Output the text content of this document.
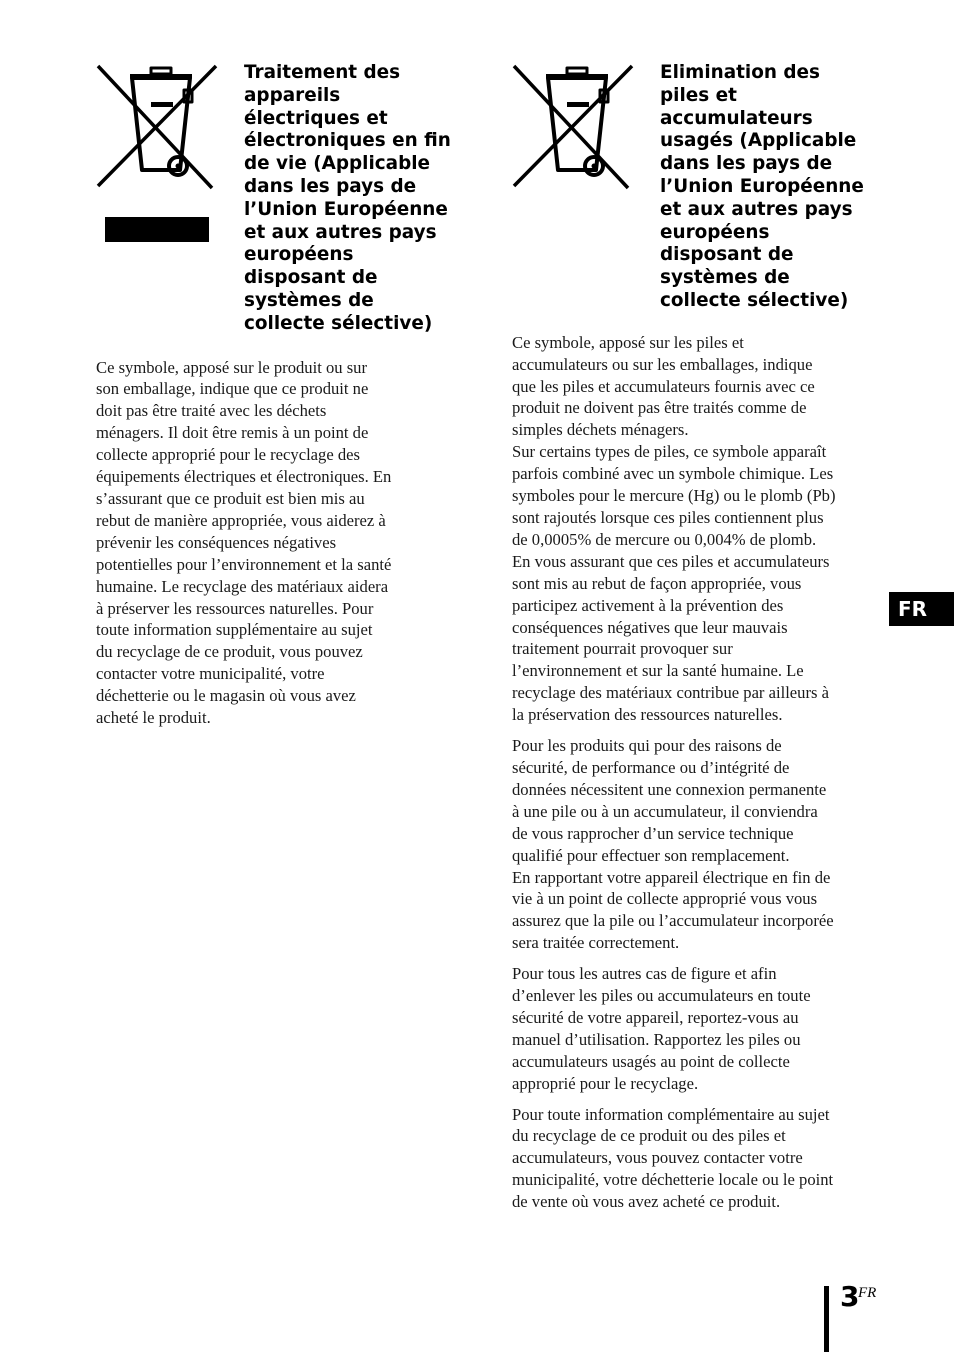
Traitement des
appareils
électriques et
électroniques en fin
de vie (Applicable
dans les pays de
l’Union Européenne
et aux autres pays
européens
disposant de
systèmes de
collecte sélective)

Ce symbole, apposé sur le produit ou sur
son emballage, indique que ce produit ne
doit pas être traité avec les déchets
ménagers. Il doit être remis à un point de
collecte approprié pour le recyclage des
équipements électriques et électroniques. En
s’assurant que ce produit est bien mis au
rebut de manière appropriée, vous aiderez à
prévenir les conséquences négatives
potentielles pour l’environnement et la santé
humaine. Le recyclage des matériaux aidera
à préserver les ressources naturelles. Pour
toute information supplémentaire au sujet
du recyclage de ce produit, vous pouvez
contacter votre municipalité, votre
déchetterie ou le magasin où vous avez
acheté le produit.

Elimination des
piles et
accumulateurs
usagés (Applicable
dans les pays de
l’Union Européenne
et aux autres pays
européens
disposant de
systèmes de
collecte sélective)

Ce symbole, apposé sur les piles et
accumulateurs ou sur les emballages, indique
que les piles et accumulateurs fournis avec ce
produit ne doivent pas être traités comme de
simples déchets ménagers.
Sur certains types de piles, ce symbole apparaît
parfois combiné avec un symbole chimique. Les
symboles pour le mercure (Hg) ou le plomb (Pb)
sont rajoutés lorsque ces piles contiennent plus
de 0,0005% de mercure ou 0,004% de plomb.
En vous assurant que ces piles et accumulateurs
sont mis au rebut de façon appropriée, vous
participez activement à la prévention des
conséquences négatives que leur mauvais
traitement pourrait provoquer sur
l’environnement et sur la santé humaine. Le
recyclage des matériaux contribue par ailleurs à
la préservation des ressources naturelles.

Pour les produits qui pour des raisons de
sécurité, de performance ou d’intégrité de
données nécessitent une connexion permanente
à une pile ou à un accumulateur, il conviendra
de vous rapprocher d’un service technique
qualifié pour effectuer son remplacement.
En rapportant votre appareil électrique en fin de
vie à un point de collecte approprié vous vous
assurez que la pile ou l’accumulateur incorporée
sera traitée correctement.

Pour tous les autres cas de figure et afin
d’enlever les piles ou accumulateurs en toute
sécurité de votre appareil, reportez-vous au
manuel d’utilisation. Rapportez les piles ou
accumulateurs usagés au point de collecte
approprié pour le recyclage.

Pour toute information complémentaire au sujet
du recyclage de ce produit ou des piles et
accumulateurs, vous pouvez contacter votre
municipalité, votre déchetterie locale ou le point
de vente où vous avez acheté ce produit.

FR
3
FR
